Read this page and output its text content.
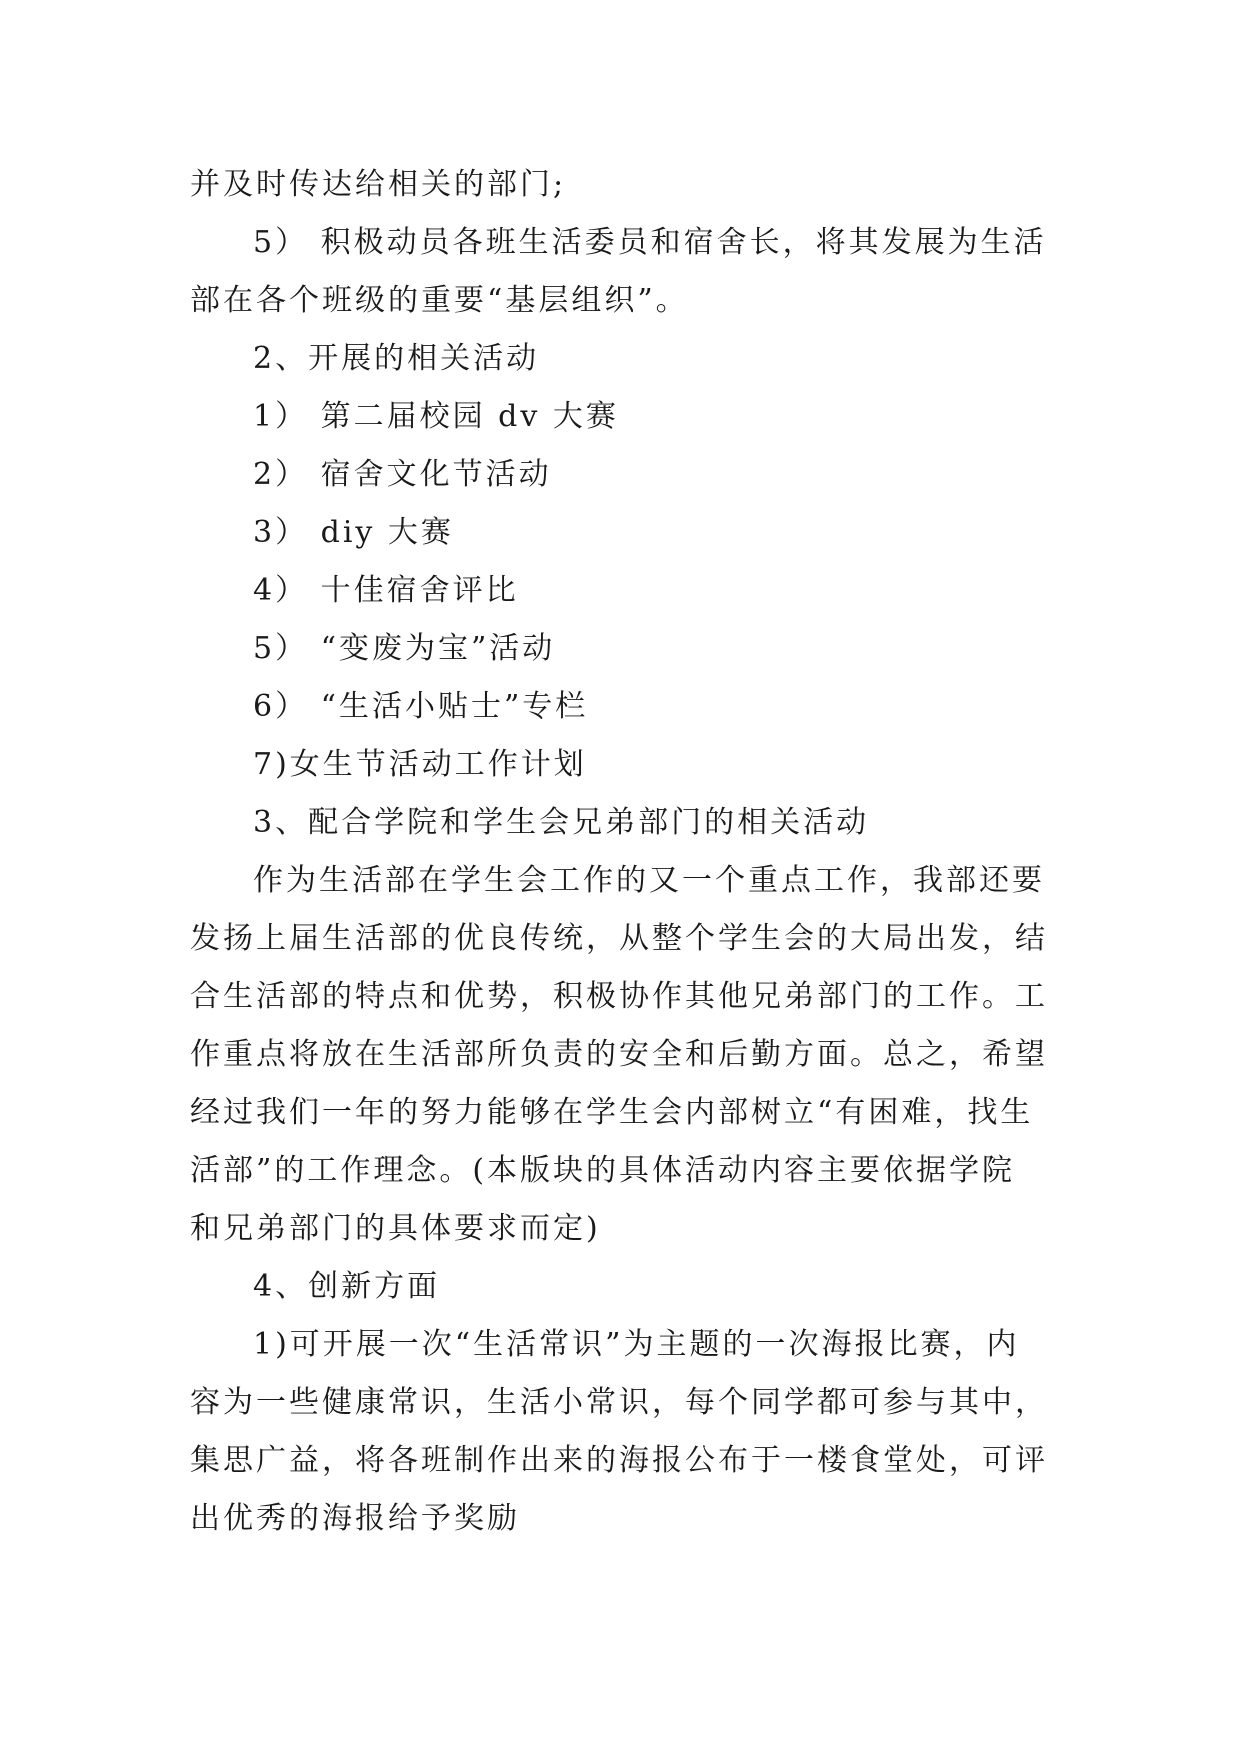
并及时传达给相关的部门;
5） 积极动员各班生活委员和宿舍长，将其发展为生活
部在各个班级的重要“基层组织”。
2、开展的相关活动
1） 第二届校园 dv 大赛
2） 宿舍文化节活动
3） diy 大赛
4） 十佳宿舍评比
5） “变废为宝”活动
6） “生活小贴士”专栏
7)女生节活动工作计划
3、配合学院和学生会兄弟部门的相关活动
作为生活部在学生会工作的又一个重点工作，我部还要
发扬上届生活部的优良传统，从整个学生会的大局出发，结
合生活部的特点和优势，积极协作其他兄弟部门的工作。工
作重点将放在生活部所负责的安全和后勤方面。总之，希望
经过我们一年的努力能够在学生会内部树立“有困难，找生
活部”的工作理念。(本版块的具体活动内容主要依据学院
和兄弟部门的具体要求而定)
4、创新方面
1)可开展一次“生活常识”为主题的一次海报比赛，内
容为一些健康常识，生活小常识，每个同学都可参与其中，
集思广益，将各班制作出来的海报公布于一楼食堂处，可评
出优秀的海报给予奖励
